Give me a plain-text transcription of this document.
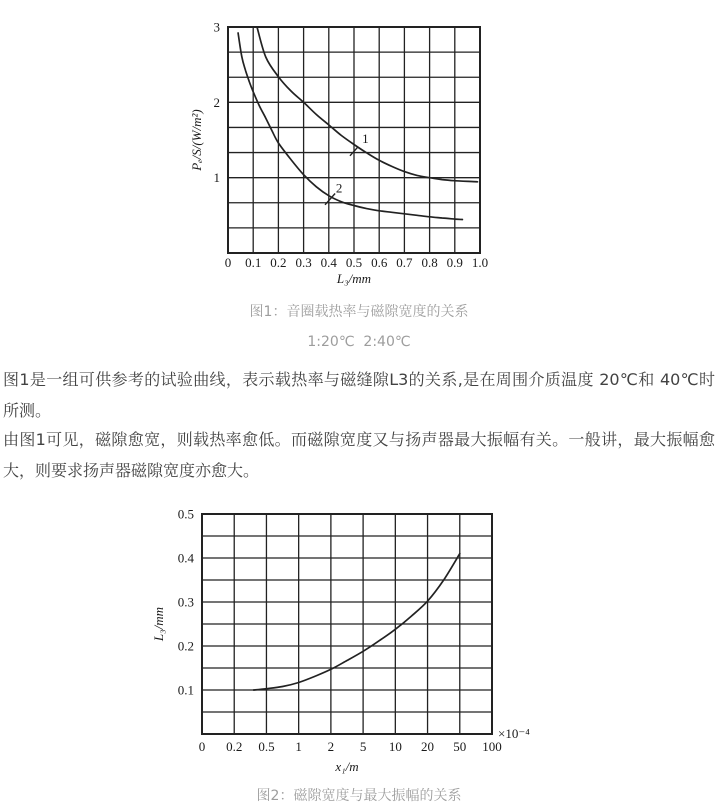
0 0.1 0.2 0.3 0.4 0.5 0.6 0.7 0.8 0.9 1.0
1
2
3
L₃/mm
Pₑ/S/(W/m²)	1
2
图1：音圈载热率与磁隙宽度的关系
1:20℃  2:40℃

图1是一组可供参考的试验曲线，表示载热率与磁缝隙L3的关系,是在周围介质温度 20℃和 40℃时所测。

由图1可见，磁隙愈宽，则载热率愈低。而磁隙宽度又与扬声器最大振幅有关。一般讲，最大振幅愈大，则要求扬声器磁隙宽度亦愈大。

0 0.2 0.5 1 2 5 10 20 50 100
0.1
0.2
0.3
0.4
0.5
×10⁻⁴
x₁/m
L₃/mm
图2：磁隙宽度与最大振幅的关系
